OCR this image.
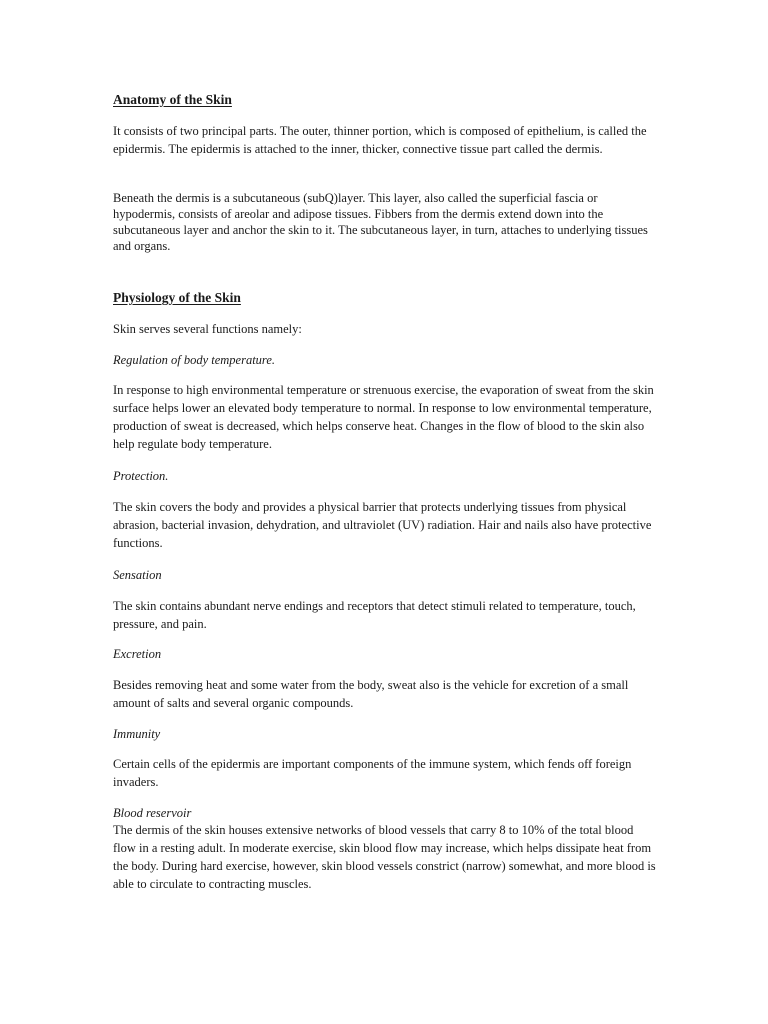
Anatomy of the Skin
It consists of two principal parts. The outer, thinner portion, which is composed of epithelium, is called the epidermis. The epidermis is attached to the inner, thicker, connective tissue part called the dermis.
Beneath the dermis is a subcutaneous (subQ)layer. This layer, also called the superficial fascia or hypodermis, consists of areolar and adipose tissues. Fibbers from the dermis extend down into the subcutaneous layer and anchor the skin to it. The subcutaneous layer, in turn, attaches to underlying tissues and organs.
Physiology of the Skin
Skin serves several functions namely:
Regulation of body temperature.
In response to high environmental temperature or strenuous exercise, the evaporation of sweat from the skin surface helps lower an elevated body temperature to normal. In response to low environmental temperature, production of sweat is decreased, which helps conserve heat. Changes in the flow of blood to the skin also help regulate body temperature.
Protection.
The skin covers the body and provides a physical barrier that protects underlying tissues from physical abrasion, bacterial invasion, dehydration, and ultraviolet (UV) radiation. Hair and nails also have protective functions.
Sensation
The skin contains abundant nerve endings and receptors that detect stimuli related to temperature, touch, pressure, and pain.
Excretion
Besides removing heat and some water from the body, sweat also is the vehicle for excretion of a small amount of salts and several organic compounds.
Immunity
Certain cells of the epidermis are important components of the immune system, which fends off foreign invaders.
Blood reservoir
The dermis of the skin houses extensive networks of blood vessels that carry 8 to 10% of the total blood flow in a resting adult. In moderate exercise, skin blood flow may increase, which helps dissipate heat from the body. During hard exercise, however, skin blood vessels constrict (narrow) somewhat, and more blood is able to circulate to contracting muscles.
